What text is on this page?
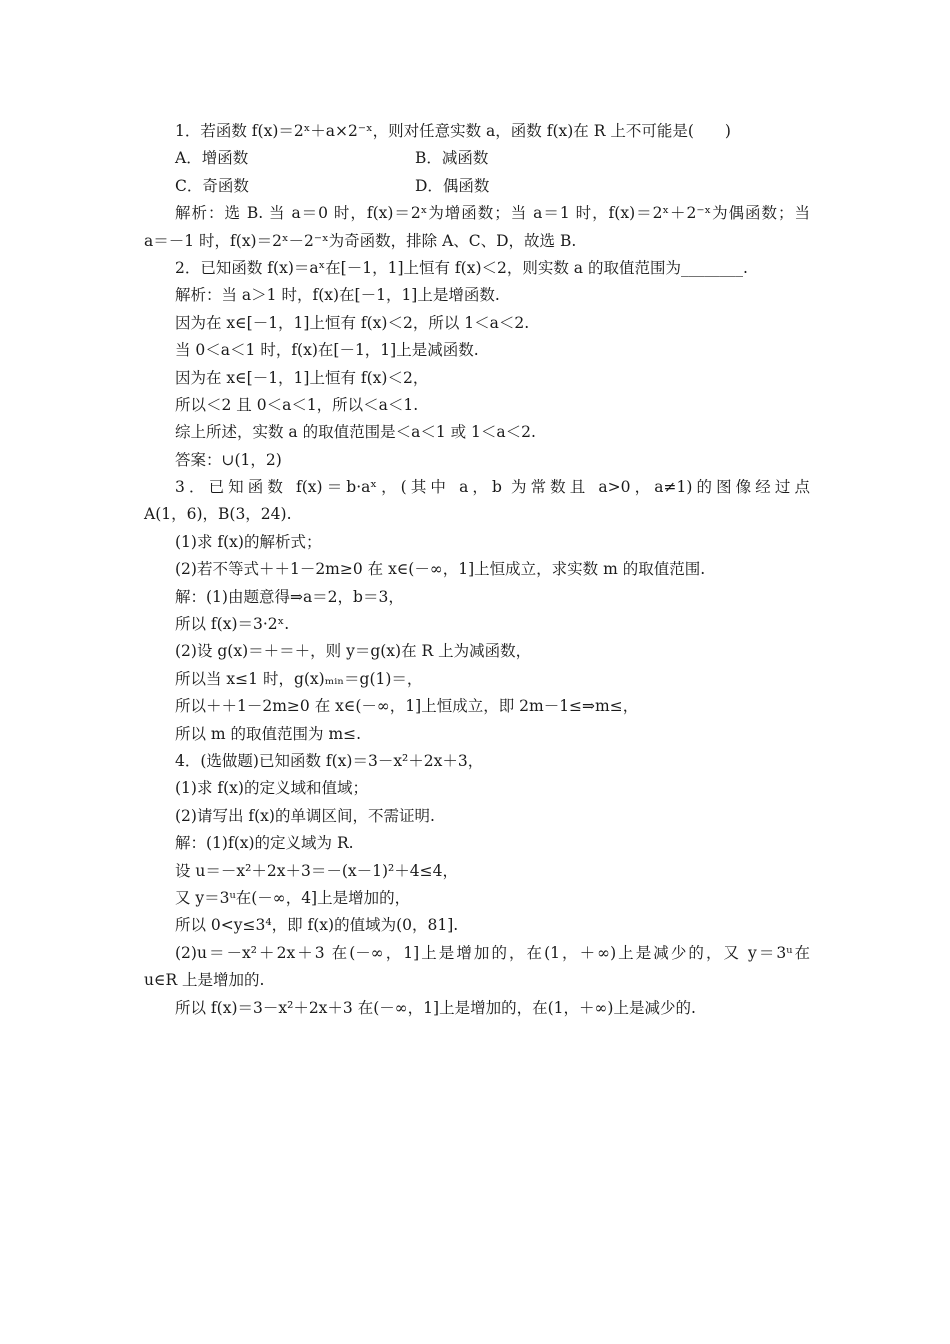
1．若函数 f(x)＝2ˣ＋a×2⁻ˣ，则对任意实数 a，函数 f(x)在 R 上不可能是(　　)
A．增函数	B．减函数
C．奇函数	D．偶函数
解析：选 B. 当 a＝0 时，f(x)＝2ˣ为增函数；当 a＝1 时，f(x)＝2ˣ＋2⁻ˣ为偶函数；当
a＝－1 时，f(x)＝2ˣ－2⁻ˣ为奇函数，排除 A、C、D，故选 B.
2．已知函数 f(x)＝aˣ在[－1，1]上恒有 f(x)＜2，则实数 a 的取值范围为________.
解析：当 a＞1 时，f(x)在[－1，1]上是增函数.
因为在 x∈[－1，1]上恒有 f(x)＜2，所以 1＜a＜2.
当 0＜a＜1 时，f(x)在[－1，1]上是减函数.
因为在 x∈[－1，1]上恒有 f(x)＜2，
所以＜2 且 0＜a＜1，所以＜a＜1.
综上所述，实数 a 的取值范围是＜a＜1 或 1＜a＜2.
答案：∪(1，2)
3．已知函数 f(x)＝b·aˣ，(其中 a，b 为常数且 a>0，a≠1)的图像经过点
A(1，6)，B(3，24).
(1)求 f(x)的解析式；
(2)若不等式＋＋1－2m≥0 在 x∈(－∞，1]上恒成立，求实数 m 的取值范围.
解：(1)由题意得⇒a＝2，b＝3，
所以 f(x)＝3·2ˣ.
(2)设 g(x)＝＋＝＋，则 y＝g(x)在 R 上为减函数，
所以当 x≤1 时，g(x)ₘᵢₙ＝g(1)＝，
所以＋＋1－2m≥0 在 x∈(－∞，1]上恒成立，即 2m－1≤⇒m≤，
所以 m 的取值范围为 m≤.
4．(选做题)已知函数 f(x)＝3－x²＋2x＋3，
(1)求 f(x)的定义域和值域；
(2)请写出 f(x)的单调区间，不需证明.
解：(1)f(x)的定义域为 R.
设 u＝－x²＋2x＋3＝－(x－1)²＋4≤4，
又 y＝3ᵘ在(－∞，4]上是增加的，
所以 0<y≤3⁴，即 f(x)的值域为(0，81].
(2)u＝－x²＋2x＋3 在(－∞，1]上是增加的，在(1，＋∞)上是减少的，又 y＝3ᵘ在
u∈R 上是增加的.
所以 f(x)＝3－x²＋2x＋3 在(－∞，1]上是增加的，在(1，＋∞)上是减少的.
